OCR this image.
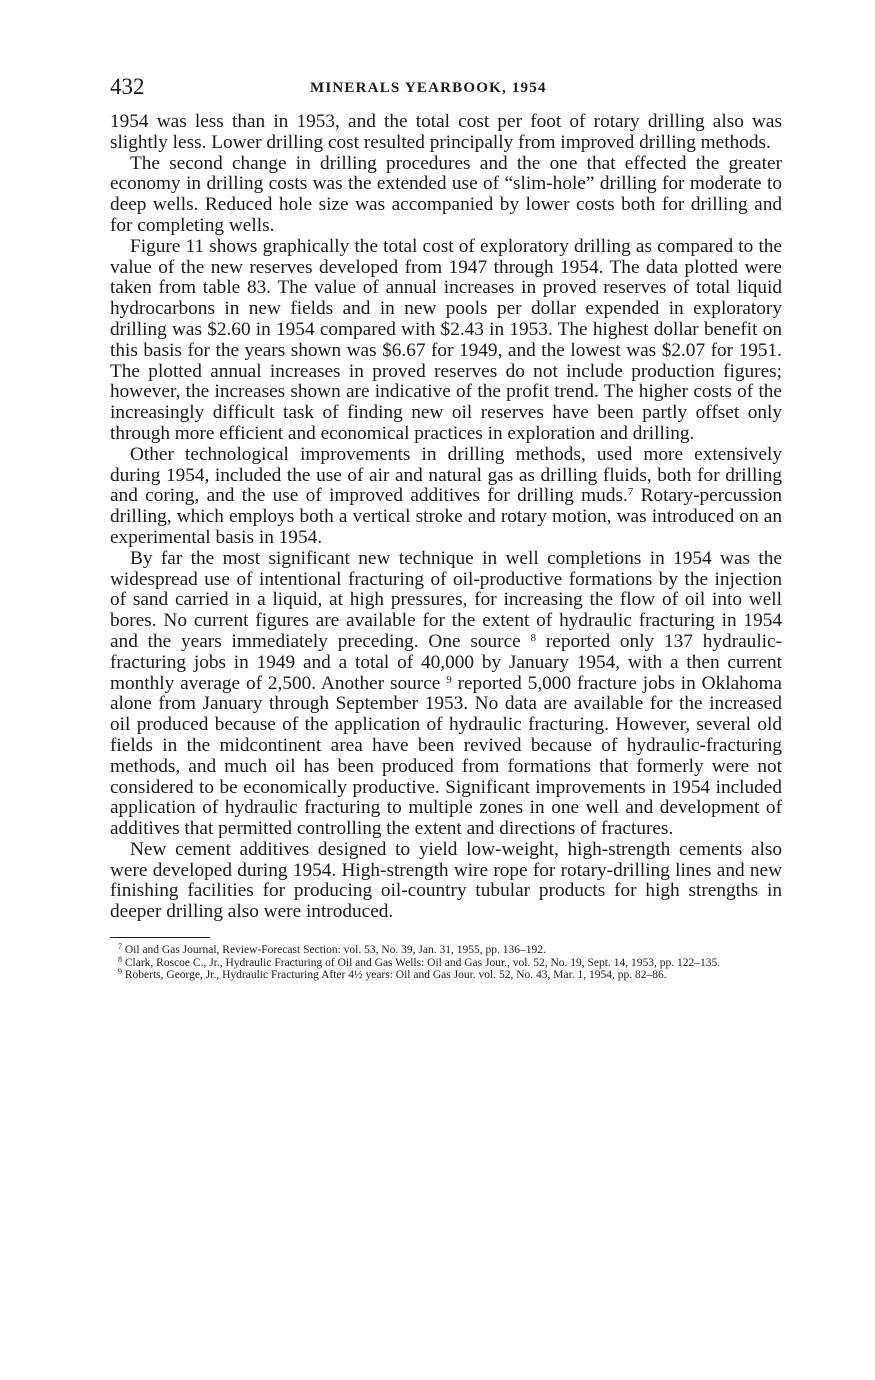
432	MINERALS YEARBOOK, 1954

1954 was less than in 1953, and the total cost per foot of rotary drilling also was slightly less. Lower drilling cost resulted principally from improved drilling methods.

The second change in drilling procedures and the one that effected the greater economy in drilling costs was the extended use of “slim-hole” drilling for moderate to deep wells. Reduced hole size was accompanied by lower costs both for drilling and for completing wells.

Figure 11 shows graphically the total cost of exploratory drilling as compared to the value of the new reserves developed from 1947 through 1954. The data plotted were taken from table 83. The value of annual increases in proved reserves of total liquid hydrocarbons in new fields and in new pools per dollar expended in exploratory drilling was $2.60 in 1954 compared with $2.43 in 1953. The highest dollar benefit on this basis for the years shown was $6.67 for 1949, and the lowest was $2.07 for 1951. The plotted annual increases in proved reserves do not include production figures; however, the increases shown are indicative of the profit trend. The higher costs of the increasingly difficult task of finding new oil reserves have been partly offset only through more efficient and economical practices in exploration and drilling.

Other technological improvements in drilling methods, used more extensively during 1954, included the use of air and natural gas as drilling fluids, both for drilling and coring, and the use of improved additives for drilling muds.$^7$ Rotary-percussion drilling, which employs both a vertical stroke and rotary motion, was introduced on an experimental basis in 1954.

By far the most significant new technique in well completions in 1954 was the widespread use of intentional fracturing of oil-productive formations by the injection of sand carried in a liquid, at high pressures, for increasing the flow of oil into well bores. No current figures are available for the extent of hydraulic fracturing in 1954 and the years immediately preceding. One source $^8$ reported only 137 hydraulic-fracturing jobs in 1949 and a total of 40,000 by January 1954, with a then current monthly average of 2,500. Another source $^9$ reported 5,000 fracture jobs in Oklahoma alone from January through September 1953. No data are available for the increased oil produced because of the application of hydraulic fracturing. However, several old fields in the midcontinent area have been revived because of hydraulic-fracturing methods, and much oil has been produced from formations that formerly were not considered to be economically productive. Significant improvements in 1954 included application of hydraulic fracturing to multiple zones in one well and development of additives that permitted controlling the extent and directions of fractures.

New cement additives designed to yield low-weight, high-strength cements also were developed during 1954. High-strength wire rope for rotary-drilling lines and new finishing facilities for producing oil-country tubular products for high strengths in deeper drilling also were introduced.

$^7$ Oil and Gas Journal, Review-Forecast Section: vol. 53, No. 39, Jan. 31, 1955, pp. 136–192.

$^8$ Clark, Roscoe C., Jr., Hydraulic Fracturing of Oil and Gas Wells: Oil and Gas Jour., vol. 52, No. 19, Sept. 14, 1953, pp. 122–135.

$^9$ Roberts, George, Jr., Hydraulic Fracturing After 4½ years: Oil and Gas Jour. vol. 52, No. 43, Mar. 1, 1954, pp. 82–86.
